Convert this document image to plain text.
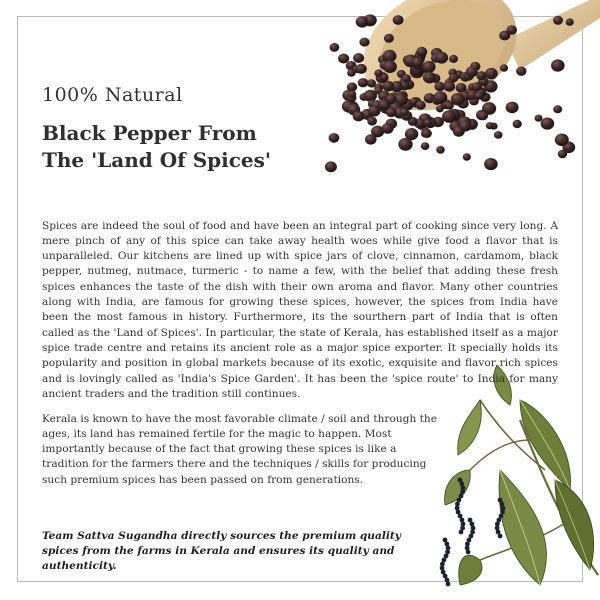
100% Natural
Black Pepper From
The 'Land Of Spices'

Spices are indeed the soul of food and have been an integral part of cooking since very long. A mere pinch of any of this spice can take away health woes while give food a flavor that is unparalleled. Our kitchens are lined up with spice jars of clove, cinnamon, cardamom, black pepper, nutmeg, nutmace, turmeric - to name a few, with the belief that adding these fresh spices enhances the taste of the dish with their own aroma and flavor. Many other countries along with India, are famous for growing these spices, however, the spices from India have been the most famous in history. Furthermore, its the sourthern part of India that is often called as the 'Land of Spices'. In particular, the state of Kerala, has established itself as a major spice trade centre and retains its ancient role as a major spice exporter. It specially holds its popularity and position in global markets because of its exotic, exquisite and flavor rich spices and is lovingly called as 'India's Spice Garden'. It has been the 'spice route' to India for many ancient traders and the tradition still continues.

Kerala is known to have the most favorable climate / soil and through the ages, its land has remained fertile for the magic to happen. Most importantly because of the fact that growing these spices is like a tradition for the farmers there and the techniques / skills for producing such premium spices has been passed on from generations.

Team Sattva Sugandha directly sources the premium quality spices from the farms in Kerala and ensures its quality and authenticity.
